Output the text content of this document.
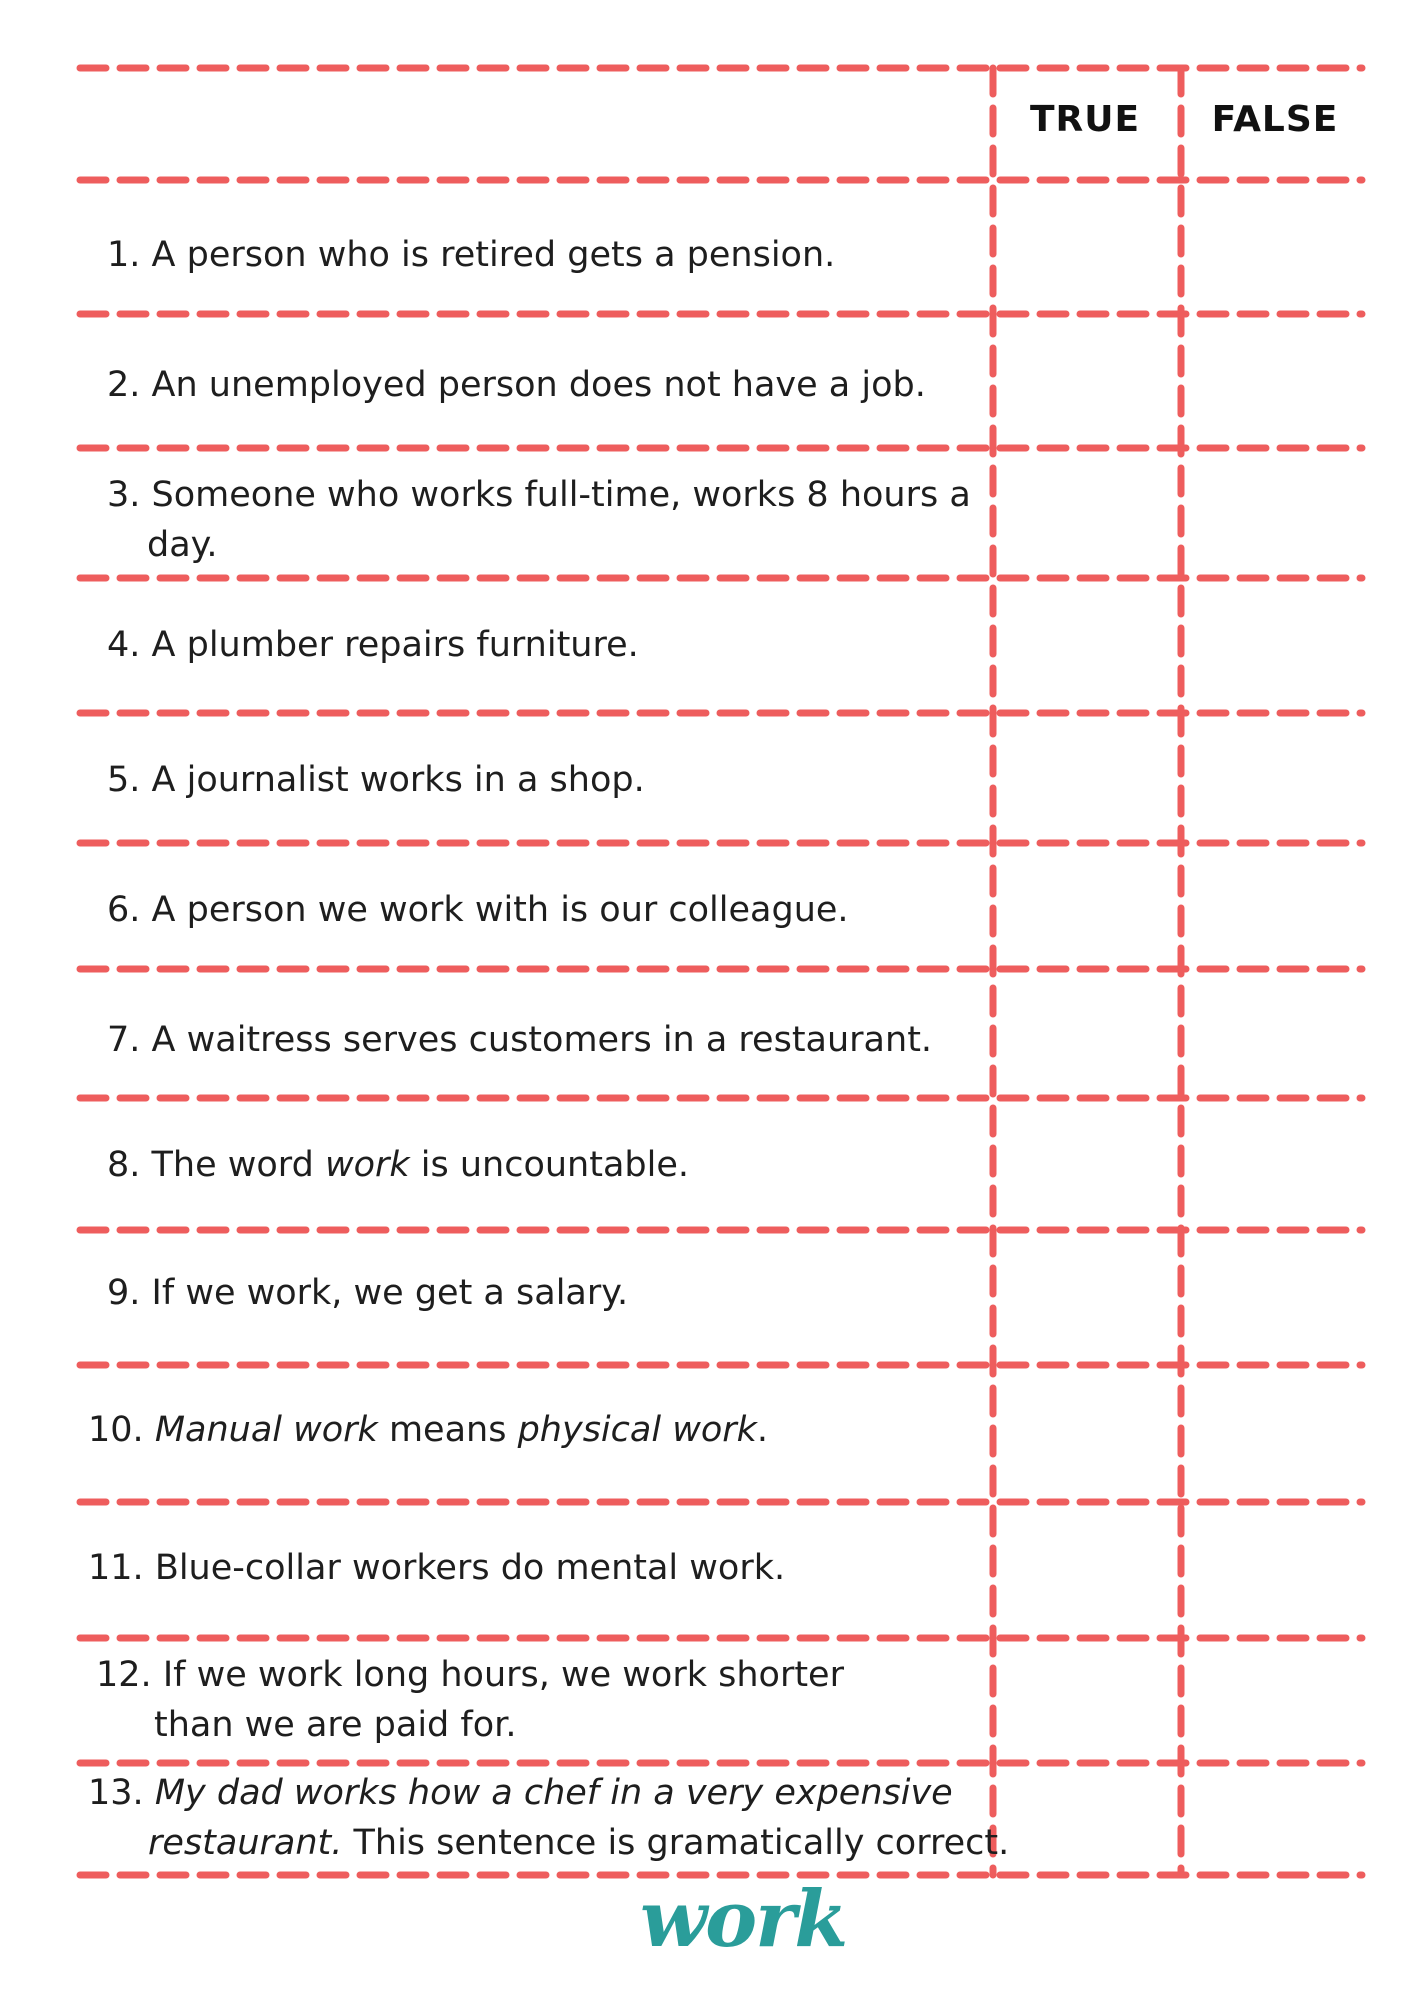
TRUE	FALSE
1. A person who is retired gets a pension.
2. An unemployed person does not have a job.
3. Someone who works full-time, works 8 hours a
day.
4. A plumber repairs furniture.
5. A journalist works in a shop.
6. A person we work with is our colleague.
7. A waitress serves customers in a restaurant.
8. The word work is uncountable.
9. If we work, we get a salary.
10. Manual work means physical work.
11. Blue-collar workers do mental work.
12. If we work long hours, we work shorter
than we are paid for.
13. My dad works how a chef in a very expensive
restaurant. This sentence is gramatically correct.
work
